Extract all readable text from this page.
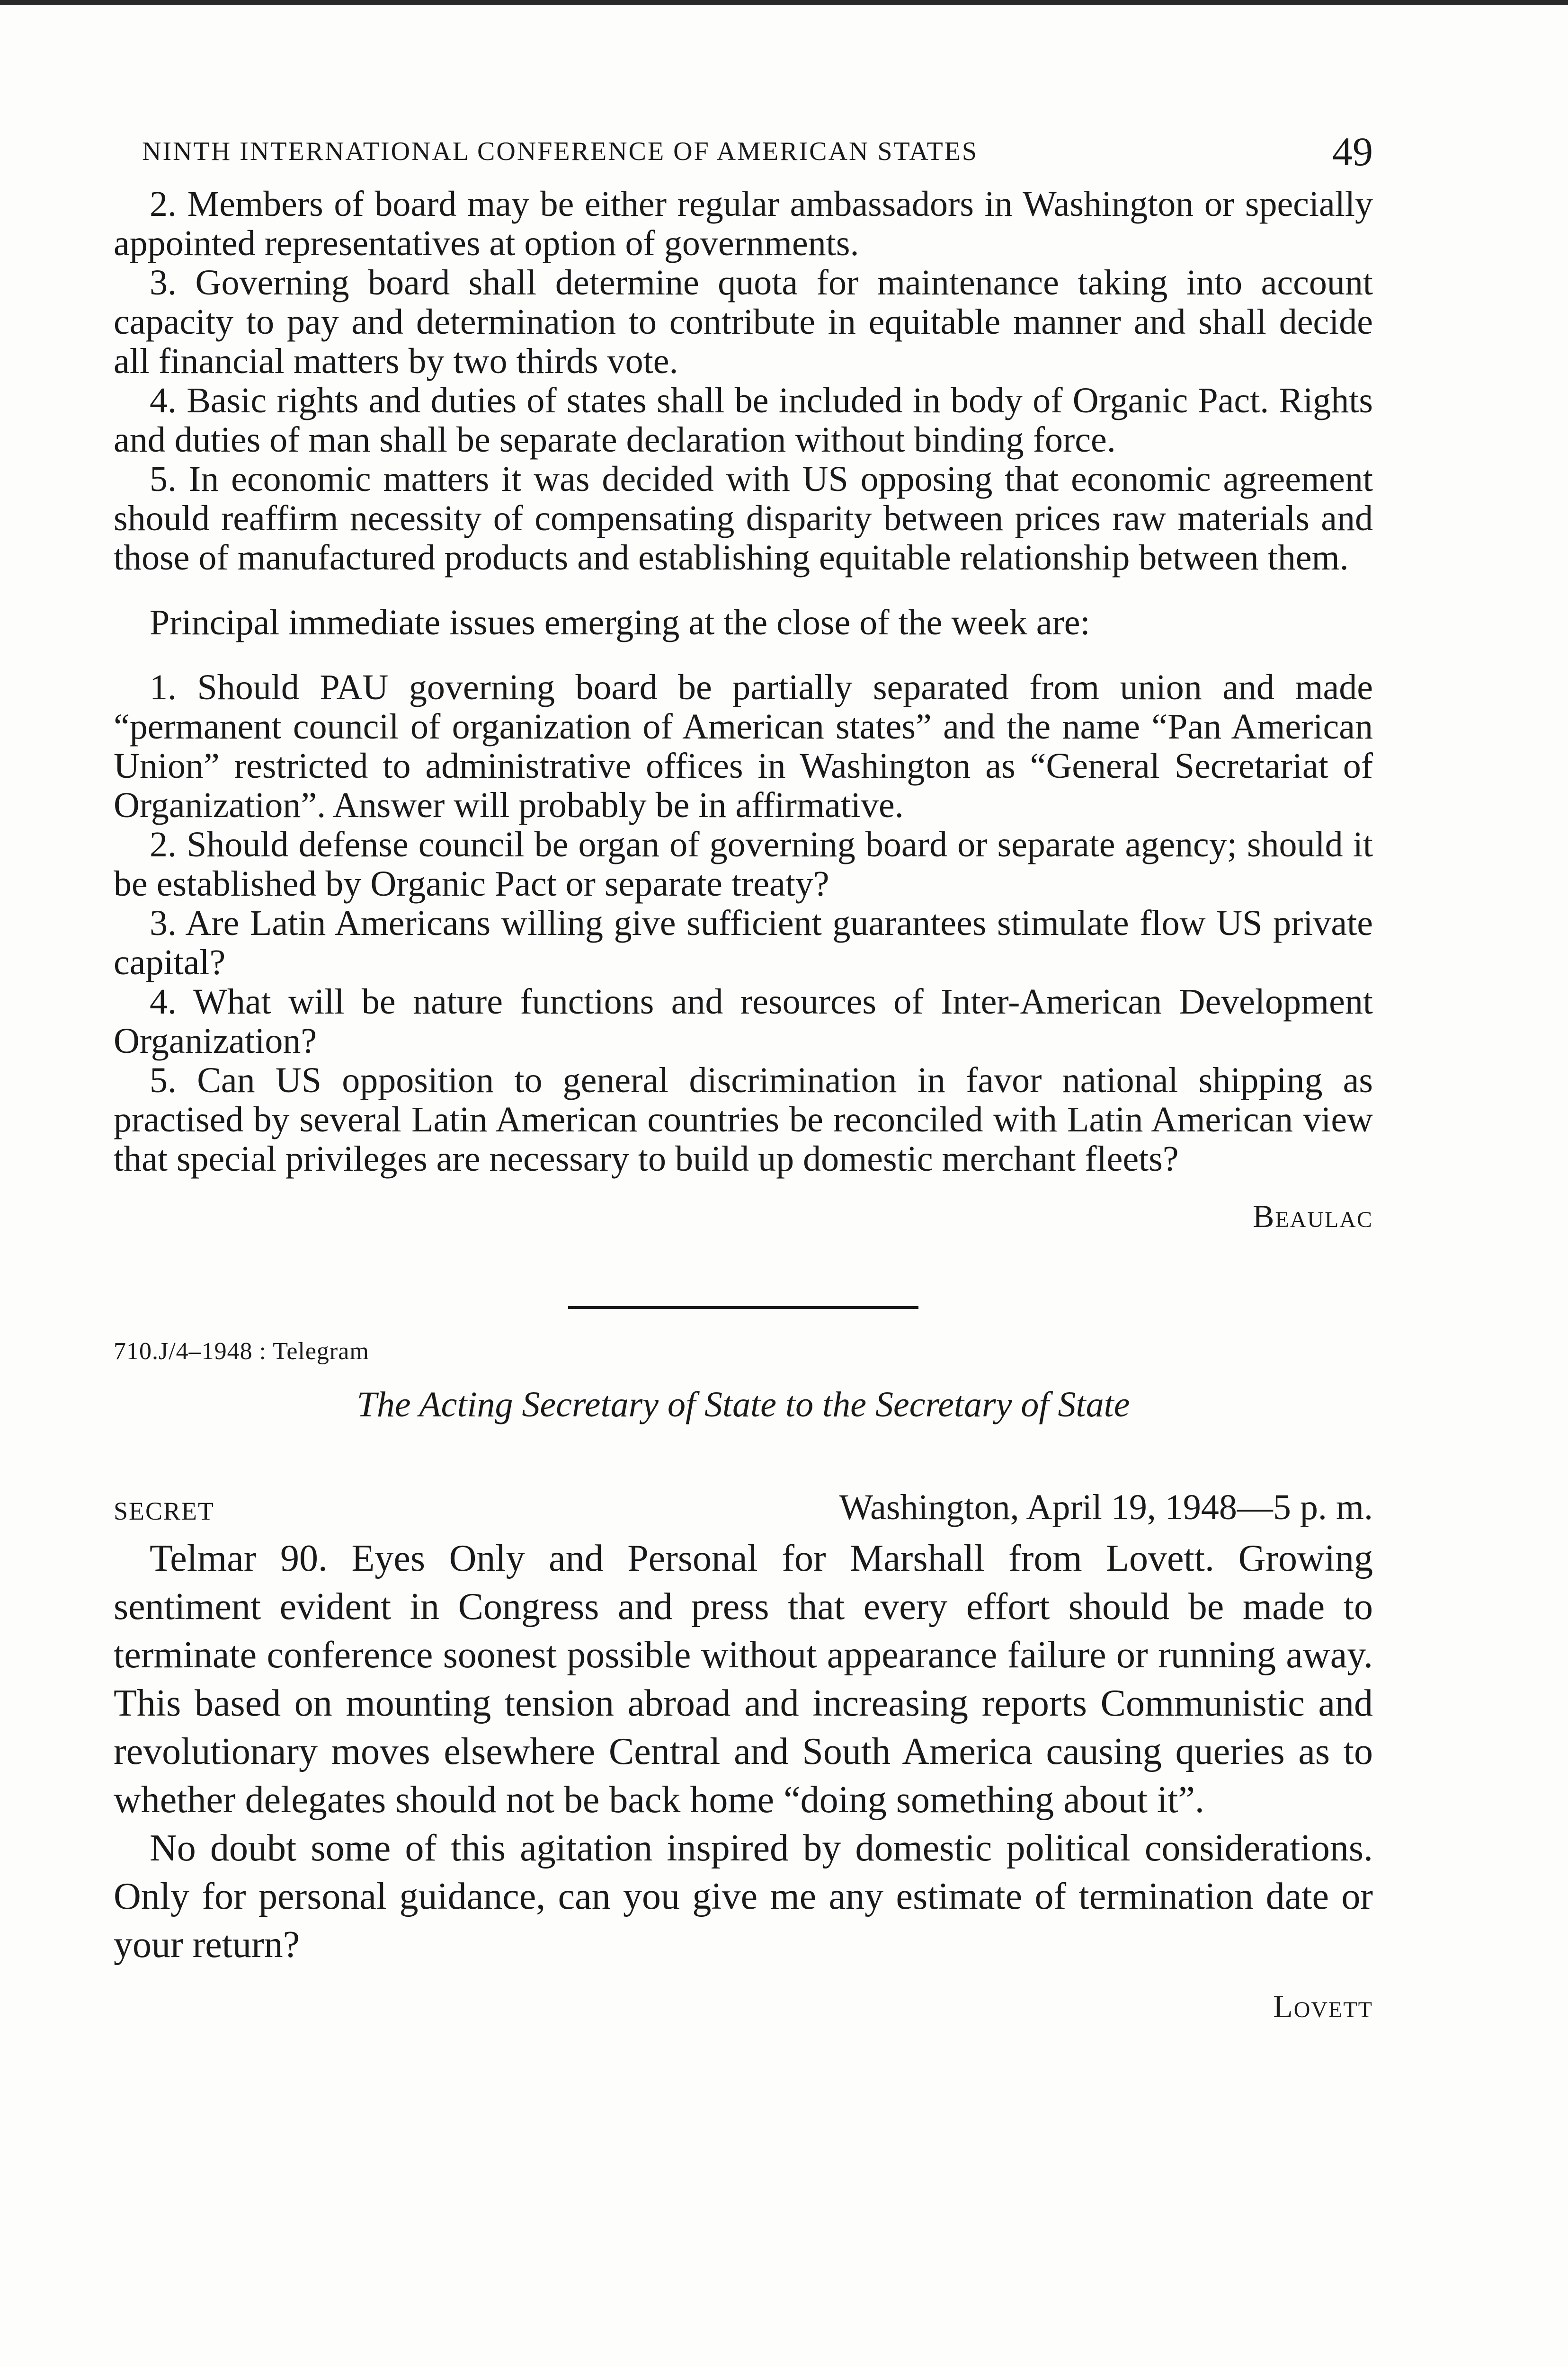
NINTH INTERNATIONAL CONFERENCE OF AMERICAN STATES	49

2. Members of board may be either regular ambassadors in Washington or specially appointed representatives at option of governments.

3. Governing board shall determine quota for maintenance taking into account capacity to pay and determination to contribute in equitable manner and shall decide all financial matters by two thirds vote.

4. Basic rights and duties of states shall be included in body of Organic Pact. Rights and duties of man shall be separate declaration without binding force.

5. In economic matters it was decided with US opposing that economic agreement should reaffirm necessity of compensating disparity between prices raw materials and those of manufactured products and establishing equitable relationship between them.

Principal immediate issues emerging at the close of the week are:

1. Should PAU governing board be partially separated from union and made “permanent council of organization of American states” and the name “Pan American Union” restricted to administrative offices in Washington as “General Secretariat of Organization”. Answer will probably be in affirmative.

2. Should defense council be organ of governing board or separate agency; should it be established by Organic Pact or separate treaty?

3. Are Latin Americans willing give sufficient guarantees stimulate flow US private capital?

4. What will be nature functions and resources of Inter-American Development Organization?

5. Can US opposition to general discrimination in favor national shipping as practised by several Latin American countries be reconciled with Latin American view that special privileges are necessary to build up domestic merchant fleets?

Beaulac
710.J/4–1948 : Telegram
The Acting Secretary of State to the Secretary of State
SECRET	Washington, April 19, 1948—5 p. m.

Telmar 90. Eyes Only and Personal for Marshall from Lovett. Growing sentiment evident in Congress and press that every effort should be made to terminate conference soonest possible without appearance failure or running away. This based on mounting tension abroad and increasing reports Communistic and revolutionary moves elsewhere Central and South America causing queries as to whether delegates should not be back home “doing something about it”.

No doubt some of this agitation inspired by domestic political considerations. Only for personal guidance, can you give me any estimate of termination date or your return?

Lovett
